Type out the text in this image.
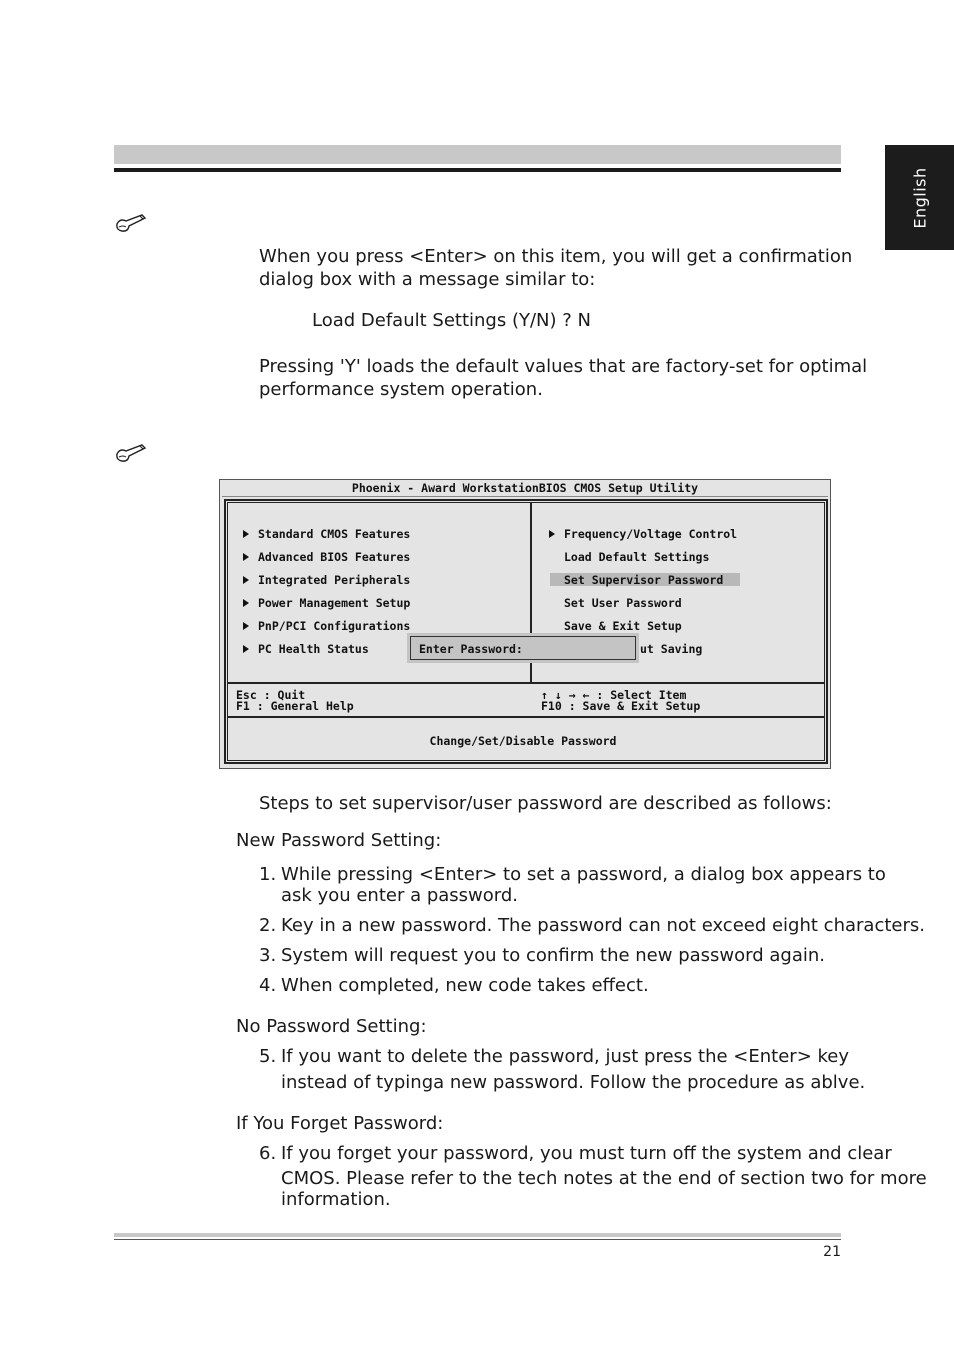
English
When you press <Enter> on this item, you will get a confirmation
dialog box with a message similar to:
Load Default Settings (Y/N) ? N
Pressing 'Y' loads the default values that are factory-set for optimal
performance system operation.
Phoenix - Award WorkstationBIOS CMOS Setup Utility
Standard CMOS Features
Advanced BIOS Features
Integrated Peripherals
Power Management Setup
PnP/PCI Configurations
PC Health Status
Frequency/Voltage Control
Load Default Settings
Set Supervisor Password
Set User Password
Save & Exit Setup
ut Saving
Enter Password:
Esc : Quit
F1 : General Help
↑ ↓ → ← : Select Item
F10 : Save & Exit Setup
Change/Set/Disable Password
Steps to set supervisor/user password are described as follows:
New Password Setting:
1. While pressing <Enter> to set a password, a dialog box appears to
ask you enter a password.
2. Key in a new password. The password can not exceed eight characters.
3. System will request you to confirm the new password again.
4. When completed, new code takes effect.
No Password Setting:
5. If you want to delete the password, just press the <Enter> key
instead of typinga new password. Follow the procedure as ablve.
If You Forget Password:
6. If you forget your password, you must turn off the system and clear
CMOS. Please refer to the tech notes at the end of section two for more
information.
21
